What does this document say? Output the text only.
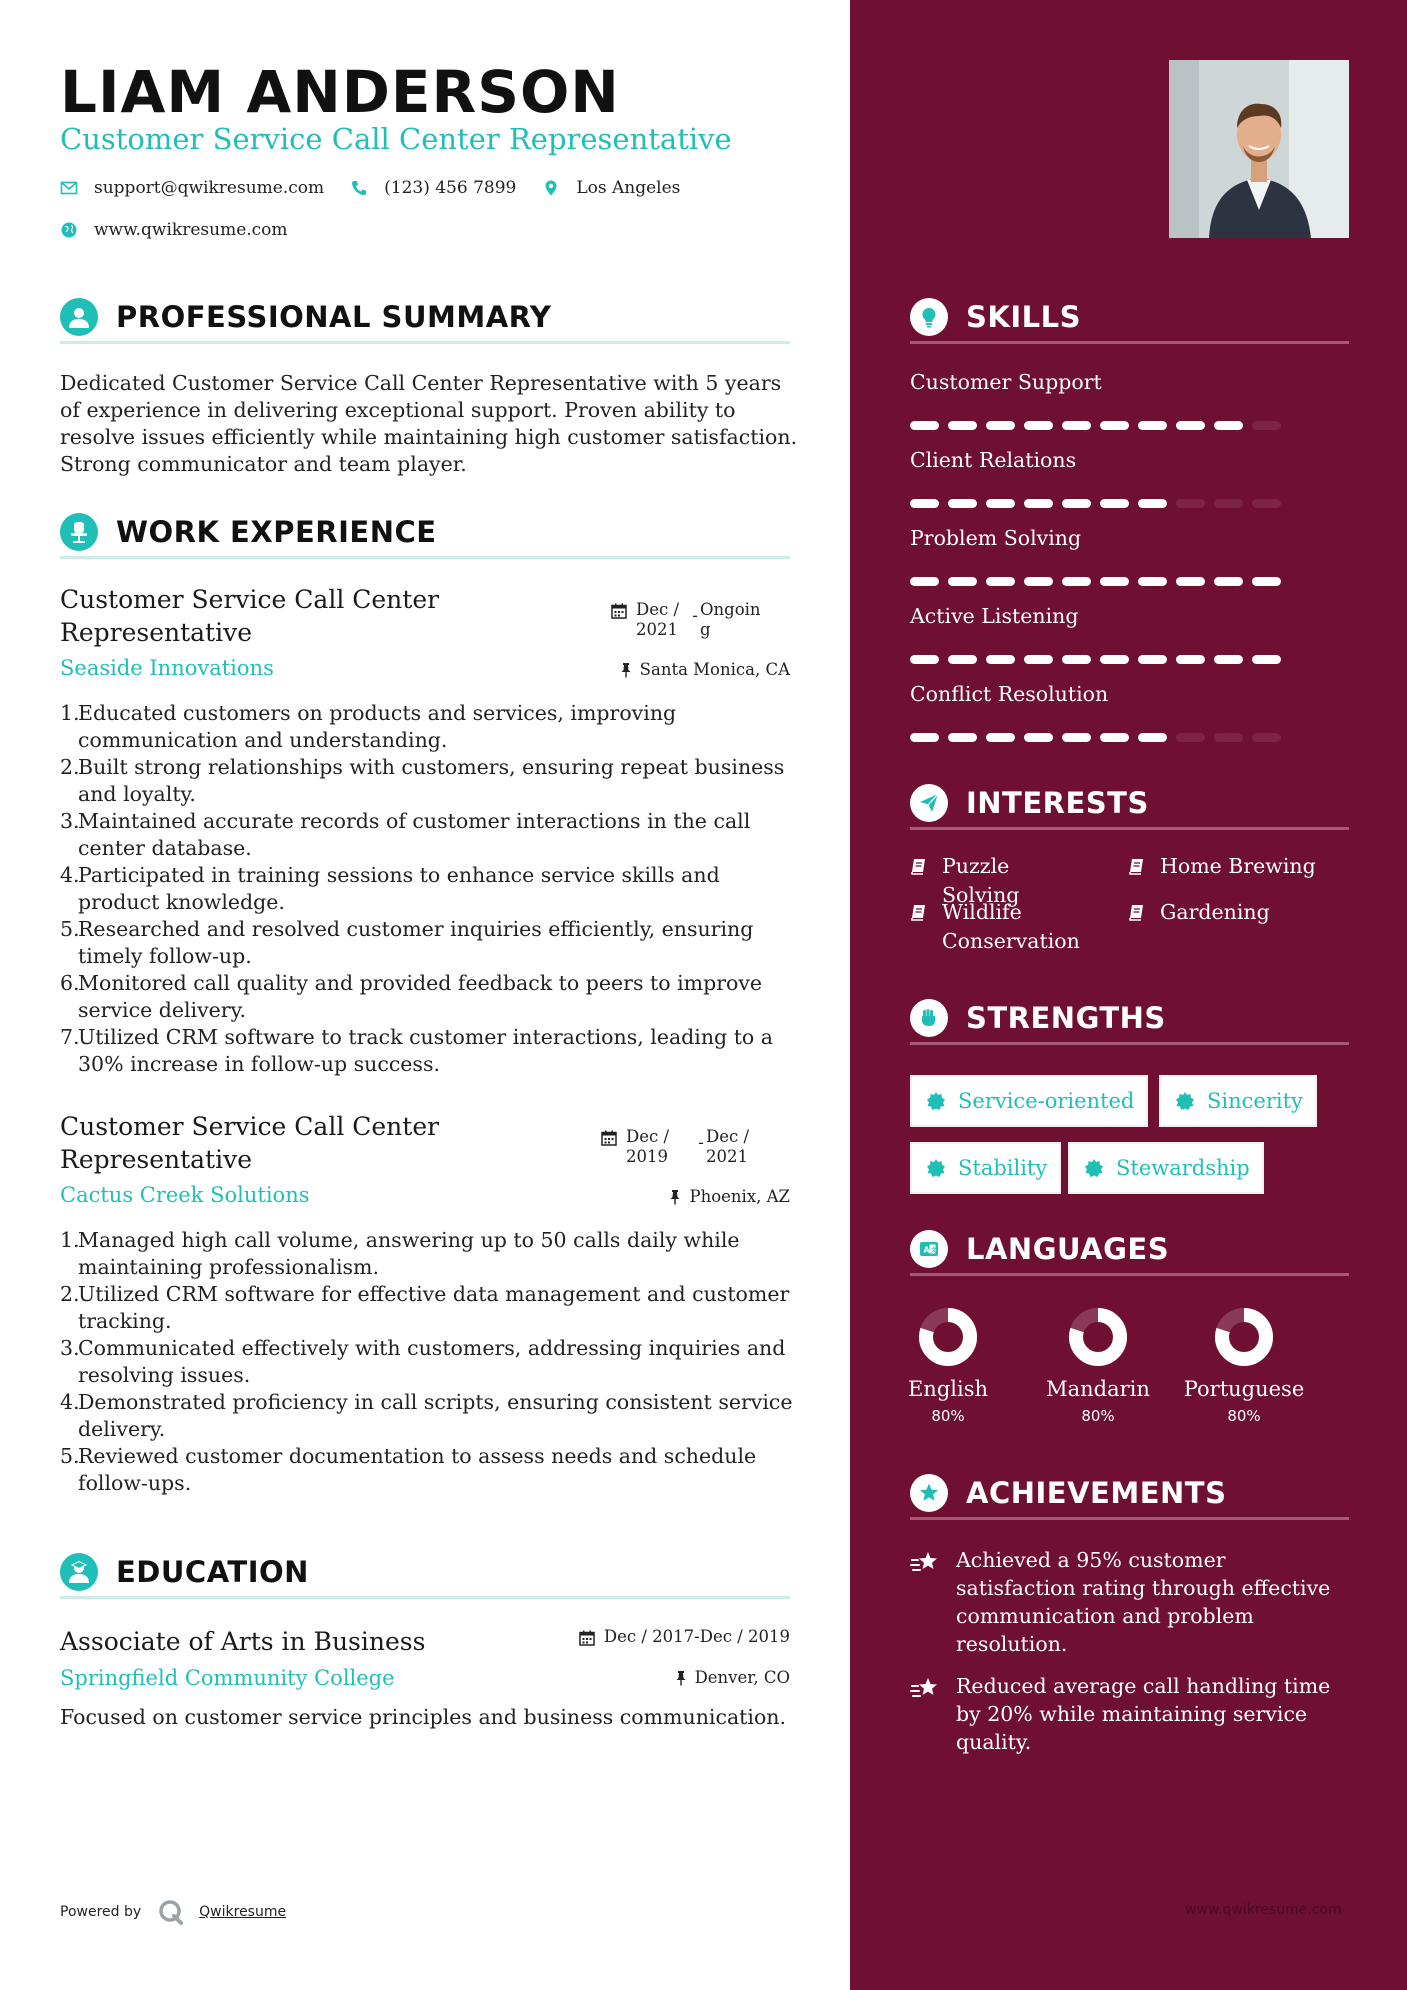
LIAM ANDERSON
Customer Service Call Center Representative
support@qwikresume.com	(123) 456 7899	Los Angeles
www.qwikresume.com
PROFESSIONAL SUMMARY
Dedicated Customer Service Call Center Representative with 5 years of experience in delivering exceptional support. Proven ability to resolve issues efficiently while maintaining high customer satisfaction. Strong communicator and team player.
WORK EXPERIENCE
Customer Service Call Center Representative
Dec / 2021
- Ongoin g
Seaside Innovations	Santa Monica, CA
1.
Educated customers on products and services, improving communication and understanding.
2.
Built strong relationships with customers, ensuring repeat business and loyalty.
3.
Maintained accurate records of customer interactions in the call center database.
4.
Participated in training sessions to enhance service skills and product knowledge.
5.
Researched and resolved customer inquiries efficiently, ensuring timely follow-up.
6.
Monitored call quality and provided feedback to peers to improve service delivery.
7.
Utilized CRM software to track customer interactions, leading to a 30% increase in follow-up success.
Customer Service Call Center Representative
Dec / 2019
- Dec / 2021
Cactus Creek Solutions	Phoenix, AZ
1.
Managed high call volume, answering up to 50 calls daily while maintaining professionalism.
2.
Utilized CRM software for effective data management and customer tracking.
3.
Communicated effectively with customers, addressing inquiries and resolving issues.
4.
Demonstrated proficiency in call scripts, ensuring consistent service delivery.
5.
Reviewed customer documentation to assess needs and schedule follow-ups.
EDUCATION
Associate of Arts in Business	Dec / 2017-Dec / 2019
Springfield Community College	Denver, CO
Focused on customer service principles and business communication.
Powered by	Qwikresume
SKILLS
Customer Support
Client Relations
Problem Solving
Active Listening
Conflict Resolution
INTERESTS
Puzzle Solving
Home Brewing
Wildlife Conservation
Gardening
STRENGTHS
Service-oriented	Sincerity
Stability	Stewardship
A 文 LANGUAGES
English
80%
Mandarin
80%
Portuguese
80%
ACHIEVEMENTS
Achieved a 95% customer satisfaction rating through effective communication and problem resolution.
Reduced average call handling time by 20% while maintaining service quality.
www.qwikresume.com
